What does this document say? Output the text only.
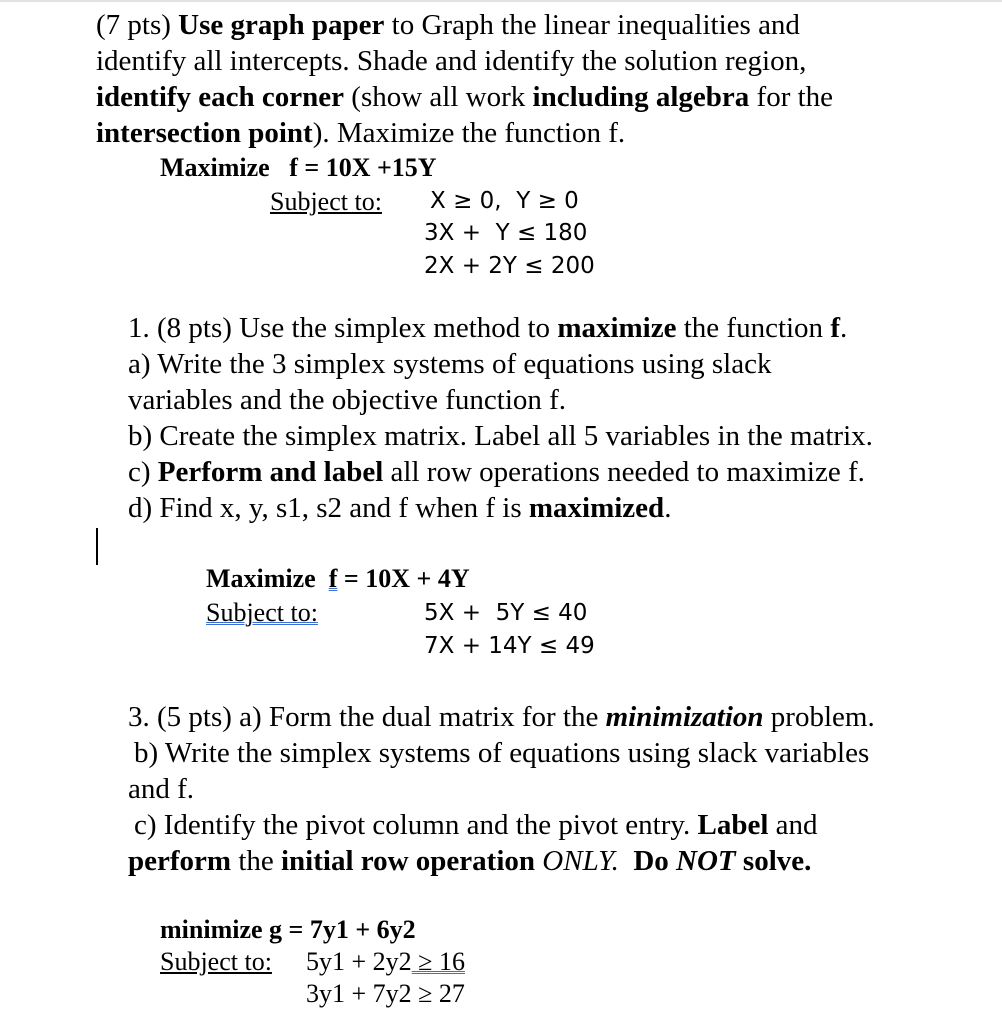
(7 pts) Use graph paper to Graph the linear inequalities and
identify all intercepts. Shade and identify the solution region,
identify each corner (show all work including algebra for the
intersection point). Maximize the function f.
Maximize   f = 10X +15Y
Subject to: X ≥ 0,  Y ≥ 0
3X +  Y ≤ 180
2X + 2Y ≤ 200
1. (8 pts) Use the simplex method to maximize the function f.
a) Write the 3 simplex systems of equations using slack
variables and the objective function f.
b) Create the simplex matrix. Label all 5 variables in the matrix.
c) Perform and label all row operations needed to maximize f.
d) Find x, y, s1, s2 and f when f is maximized.
Maximize f = 10X + 4Y
Subject to:	5X +  5Y ≤ 40
7X + 14Y ≤ 49
3. (5 pts) a) Form the dual matrix for the minimization problem.
b) Write the simplex systems of equations using slack variables
and f.
c) Identify the pivot column and the pivot entry. Label and
perform the initial row operation ONLY.  Do NOT solve.
minimize g = 7y1 + 6y2
Subject to: 5y1 + 2y2 ≥ 16
3y1 + 7y2 ≥ 27
